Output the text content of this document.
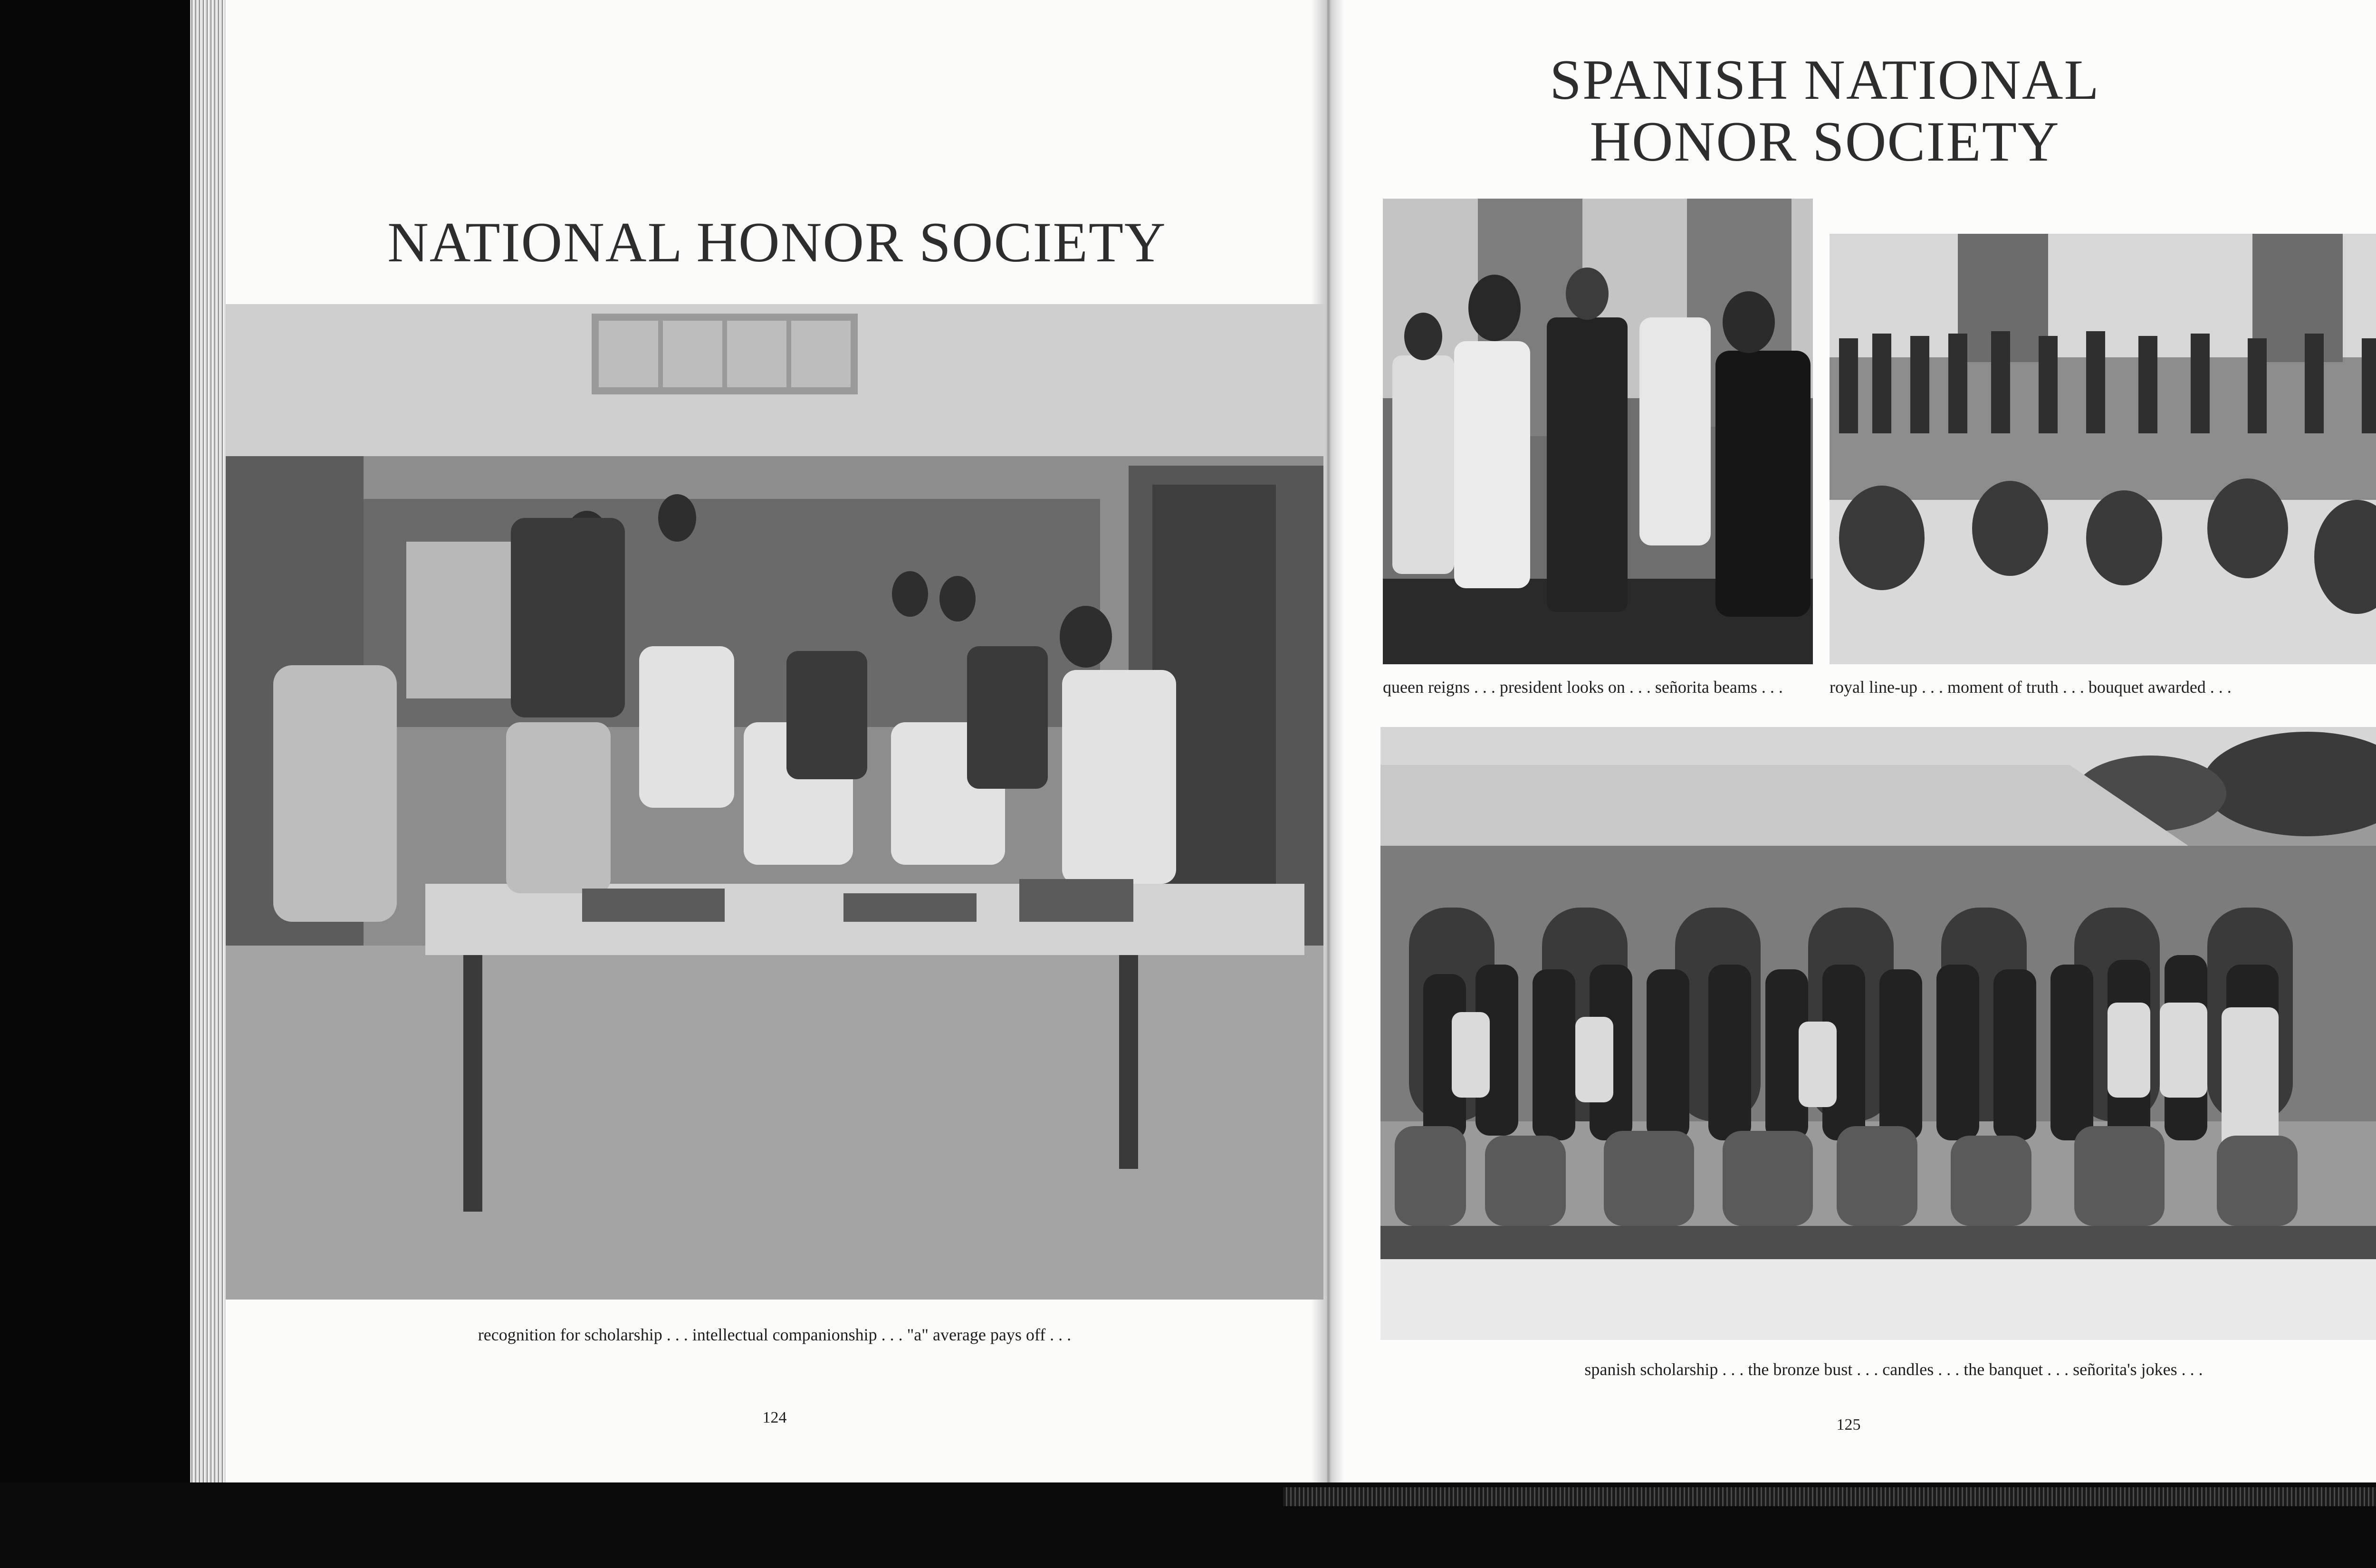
NATIONAL HONOR SOCIETY
recognition for scholarship . . . intellectual companionship . . . "a" average pays off . . .
124
SPANISH NATIONAL
HONOR SOCIETY
queen reigns . . . president looks on . . . señorita beams . . .	royal line-up . . . moment of truth . . . bouquet awarded . . .
spanish scholarship . . . the bronze bust . . . candles . . . the banquet . . . señorita's jokes . . .
125
